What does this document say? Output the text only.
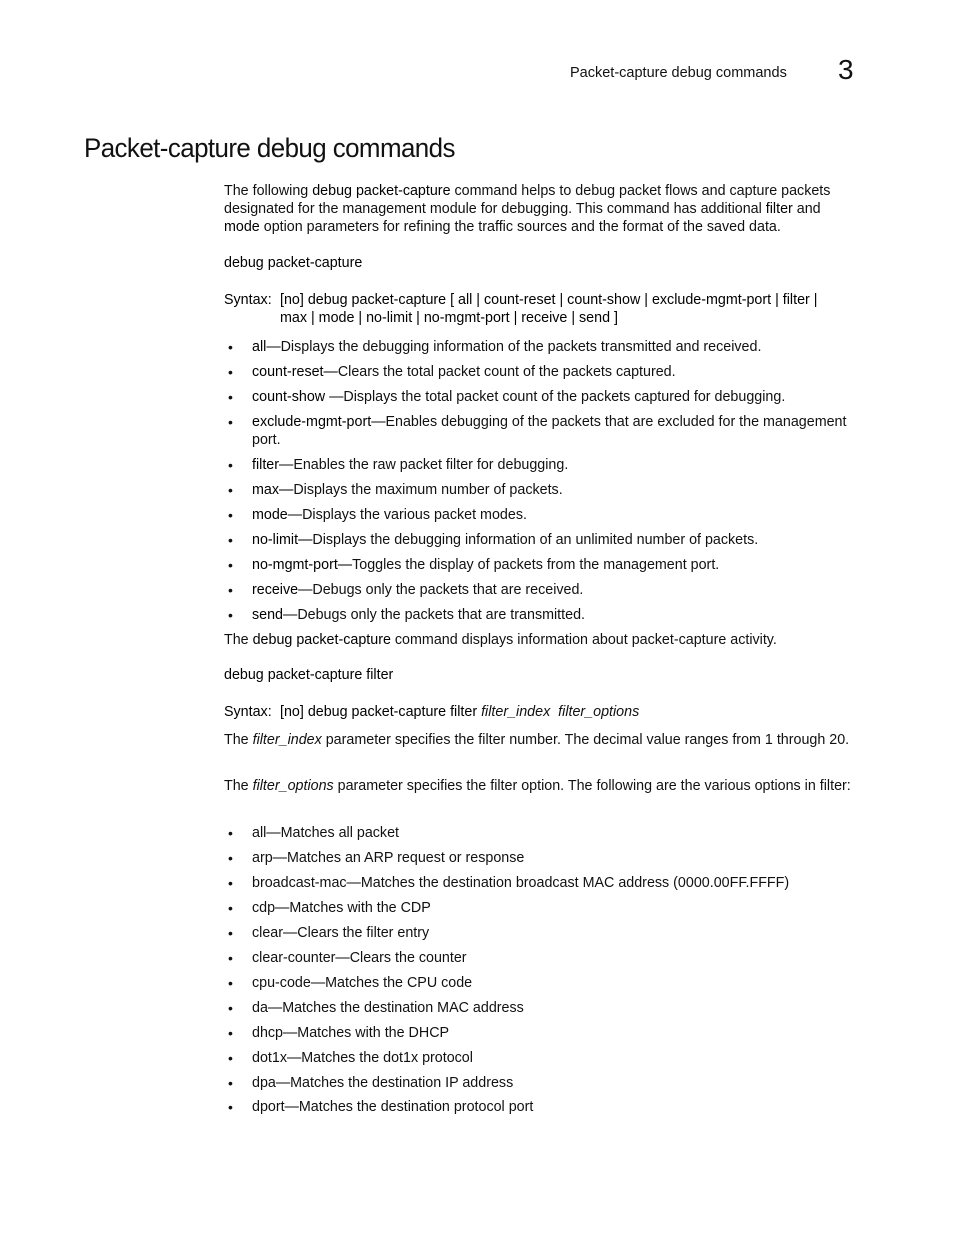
Packet-capture debug commands 3
Packet-capture debug commands
The following debug packet-capture command helps to debug packet flows and capture packets designated for the management module for debugging. This command has additional filter and mode option parameters for refining the traffic sources and the format of the saved data.
debug packet-capture
Syntax: [no] debug packet-capture [ all | count-reset | count-show | exclude-mgmt-port | filter |
max | mode | no-limit | no-mgmt-port | receive | send ]
• all—Displays the debugging information of the packets transmitted and received.
• count-reset—Clears the total packet count of the packets captured.
• count-show —Displays the total packet count of the packets captured for debugging.
• exclude-mgmt-port—Enables debugging of the packets that are excluded for the management port.
• filter—Enables the raw packet filter for debugging.
• max—Displays the maximum number of packets.
• mode—Displays the various packet modes.
• no-limit—Displays the debugging information of an unlimited number of packets.
• no-mgmt-port—Toggles the display of packets from the management port.
• receive—Debugs only the packets that are received.
• send—Debugs only the packets that are transmitted.
The debug packet-capture command displays information about packet-capture activity.
debug packet-capture filter
Syntax: [no] debug packet-capture filter filter_index filter_options
The filter_index parameter specifies the filter number. The decimal value ranges from 1 through 20.
The filter_options parameter specifies the filter option. The following are the various options in filter:
• all—Matches all packet
• arp—Matches an ARP request or response
• broadcast-mac—Matches the destination broadcast MAC address (0000.00FF.FFFF)
• cdp—Matches with the CDP
• clear—Clears the filter entry
• clear-counter—Clears the counter
• cpu-code—Matches the CPU code
• da—Matches the destination MAC address
• dhcp—Matches with the DHCP
• dot1x—Matches the dot1x protocol
• dpa—Matches the destination IP address
• dport—Matches the destination protocol port
